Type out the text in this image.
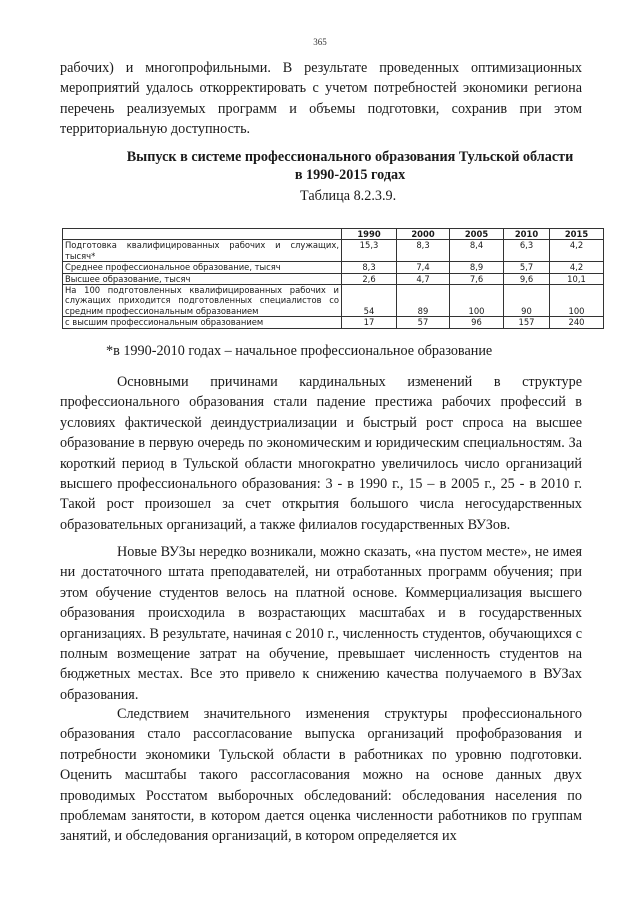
365

рабочих) и многопрофильными. В результате проведенных оптимизационных мероприятий удалось откорректировать с учетом потребностей экономики региона перечень реализуемых программ и объемы подготовки, сохранив при этом территориальную доступность.

Выпуск в системе профессионального образования Тульской области
в 1990-2015 годах
Таблица 8.2.3.9.
	1990	2000	2005	2010	2015
Подготовка квалифицированных рабочих и служащих, тысяч*	15,3	8,3	8,4	6,3	4,2
Среднее профессиональное образование, тысяч	8,3	7,4	8,9	5,7	4,2
Высшее образование, тысяч	2,6	4,7	7,6	9,6	10,1
На 100 подготовленных квалифицированных рабочих и служащих приходится подготовленных специалистов со средним профессиональным образованием	54	89	100	90	100
с высшим профессиональным образованием	17	57	96	157	240
*в 1990-2010 годах – начальное профессиональное образование

Основными причинами кардинальных изменений в структуре профессионального образования стали падение престижа рабочих профессий в условиях фактической деиндустриализации и быстрый рост спроса на высшее образование в первую очередь по экономическим и юридическим специальностям. За короткий период в Тульской области многократно увеличилось число организаций высшего профессионального образования: 3 - в 1990 г., 15 – в 2005 г., 25 - в 2010 г. Такой рост произошел за счет открытия большого числа негосударственных образовательных организаций, а также филиалов государственных ВУЗов.

Новые ВУЗы нередко возникали, можно сказать, «на пустом месте», не имея ни достаточного штата преподавателей, ни отработанных программ обучения; при этом обучение студентов велось на платной основе. Коммерциализация высшего образования происходила в возрастающих масштабах и в государственных организациях. В результате, начиная с 2010 г., численность студентов, обучающихся с полным возмещение затрат на обучение, превышает численность студентов на бюджетных местах. Все это привело к снижению качества получаемого в ВУЗах образования.

Следствием значительного изменения структуры профессионального образования стало рассогласование выпуска организаций профобразования и потребности экономики Тульской области в работниках по уровню подготовки. Оценить масштабы такого рассогласования можно на основе данных двух проводимых Росстатом выборочных обследований: обследования населения по проблемам занятости, в котором дается оценка численности работников по группам занятий, и обследования организаций, в котором определяется их
